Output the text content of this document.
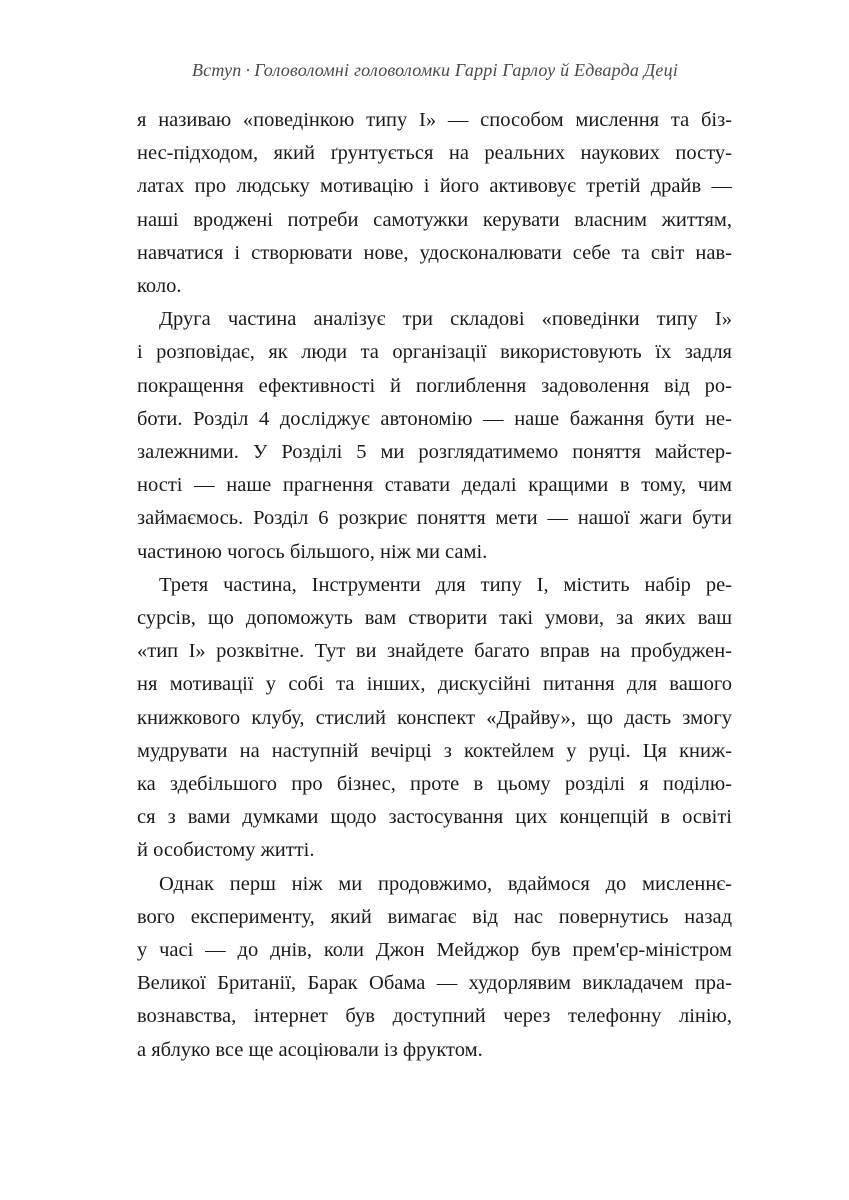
Вступ · Головоломні головоломки Гаррі Гарлоу й Едварда Деці
я називаю «поведінкою типу I» — способом мислення та біз-
нес-підходом, який ґрунтується на реальних наукових посту-
латах про людську мотивацію і його активовує третій драйв —
наші вроджені потреби самотужки керувати власним життям,
навчатися і створювати нове, удосконалювати себе та світ нав-
коло.
Друга частина аналізує три складові «поведінки типу I»
і розповідає, як люди та організації використовують їх задля
покращення ефективності й поглиблення задоволення від ро-
боти. Розділ 4 досліджує автономію — наше бажання бути не-
залежними. У Розділі 5 ми розглядатимемо поняття майстер-
ності — наше прагнення ставати дедалі кращими в тому, чим
займаємось. Розділ 6 розкриє поняття мети — нашої жаги бути
частиною чогось більшого, ніж ми самі.
Третя частина, Інструменти для типу I, містить набір ре-
сурсів, що допоможуть вам створити такі умови, за яких ваш
«тип I» розквітне. Тут ви знайдете багато вправ на пробуджен-
ня мотивації у собі та інших, дискусійні питання для вашого
книжкового клубу, стислий конспект «Драйву», що дасть змогу
мудрувати на наступній вечірці з коктейлем у руці. Ця книж-
ка здебільшого про бізнес, проте в цьому розділі я поділю-
ся з вами думками щодо застосування цих концепцій в освіті
й особистому житті.
Однак перш ніж ми продовжимо, вдаймося до мисленнє-
вого експерименту, який вимагає від нас повернутись назад
у часі — до днів, коли Джон Мейджор був прем'єр-міністром
Великої Британії, Барак Обама — худорлявим викладачем пра-
вознавства, інтернет був доступний через телефонну лінію,
а яблуко все ще асоціювали із фруктом.
